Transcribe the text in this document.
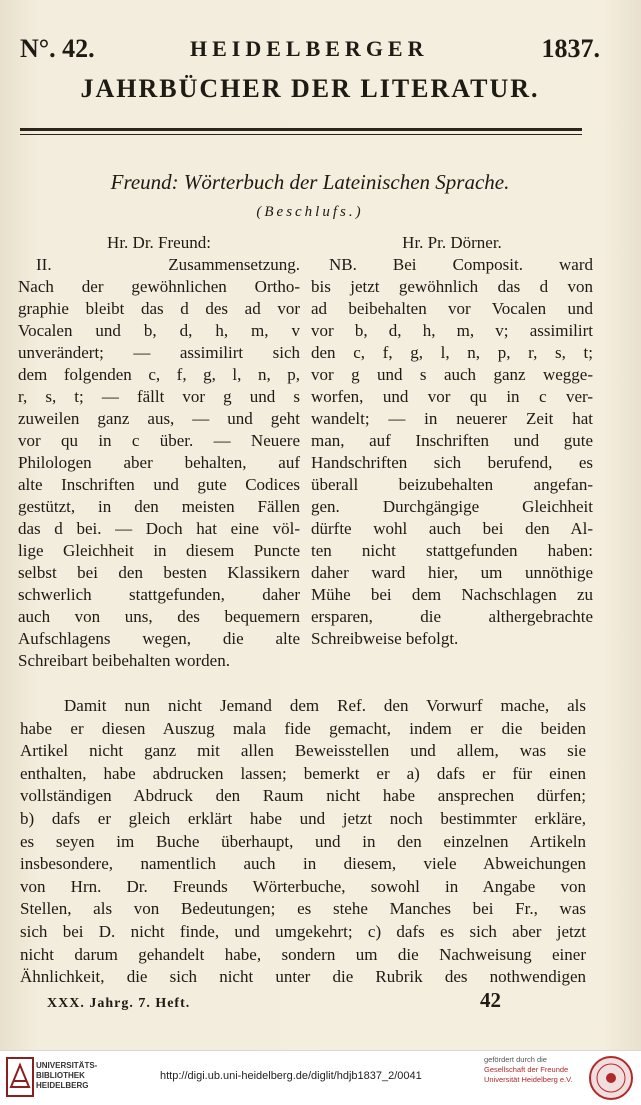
N°. 42.	HEIDELBERGER	1837.
JAHRBÜCHER DER LITERATUR.
Freund: Wörterbuch der Lateinischen Sprache.
(Beschlufs.)
Hr. Dr. Freund:
II. Zusammensetzung.
Nach der gewöhnlichen Ortho-
graphie bleibt das d des ad vor
Vocalen und b, d, h, m, v
unverändert; — assimilirt sich
dem folgenden c, f, g, l, n, p,
r, s, t; — fällt vor g und s
zuweilen ganz aus, — und geht
vor qu in c über. — Neuere
Philologen aber behalten, auf
alte Inschriften und gute Codices
gestützt, in den meisten Fällen
das d bei. — Doch hat eine völ-
lige Gleichheit in diesem Puncte
selbst bei den besten Klassikern
schwerlich stattgefunden, daher
auch von uns, des bequemern
Aufschlagens wegen, die alte
Schreibart beibehalten worden.
Hr. Pr. Dörner.
NB. Bei Composit. ward
bis jetzt gewöhnlich das d von
ad beibehalten vor Vocalen und
vor b, d, h, m, v; assimilirt
den c, f, g, l, n, p, r, s, t;
vor g und s auch ganz wegge-
worfen, und vor qu in c ver-
wandelt; — in neuerer Zeit hat
man, auf Inschriften und gute
Handschriften sich berufend, es
überall beizubehalten angefan-
gen. Durchgängige Gleichheit
dürfte wohl auch bei den Al-
ten nicht stattgefunden haben:
daher ward hier, um unnöthige
Mühe bei dem Nachschlagen zu
ersparen, die althergebrachte
Schreibweise befolgt.
Damit nun nicht Jemand dem Ref. den Vorwurf mache, als
habe er diesen Auszug mala fide gemacht, indem er die beiden
Artikel nicht ganz mit allen Beweisstellen und allem, was sie
enthalten, habe abdrucken lassen; bemerkt er a) dafs er für einen
vollständigen Abdruck den Raum nicht habe ansprechen dürfen;
b) dafs er gleich erklärt habe und jetzt noch bestimmter erkläre,
es seyen im Buche überhaupt, und in den einzelnen Artikeln
insbesondere, namentlich auch in diesem, viele Abweichungen
von Hrn. Dr. Freunds Wörterbuche, sowohl in Angabe von
Stellen, als von Bedeutungen; es stehe Manches bei Fr., was
sich bei D. nicht finde, und umgekehrt; c) dafs es sich aber jetzt
nicht darum gehandelt habe, sondern um die Nachweisung einer
Ähnlichkeit, die sich nicht unter die Rubrik des nothwendigen
XXX. Jahrg. 7. Heft.	42
UNIVERSITÄTS-
BIBLIOTHEK
HEIDELBERG
http://digi.ub.uni-heidelberg.de/diglit/hdjb1837_2/0041
gefördert durch die
Gesellschaft der Freunde
Universität Heidelberg e.V.
